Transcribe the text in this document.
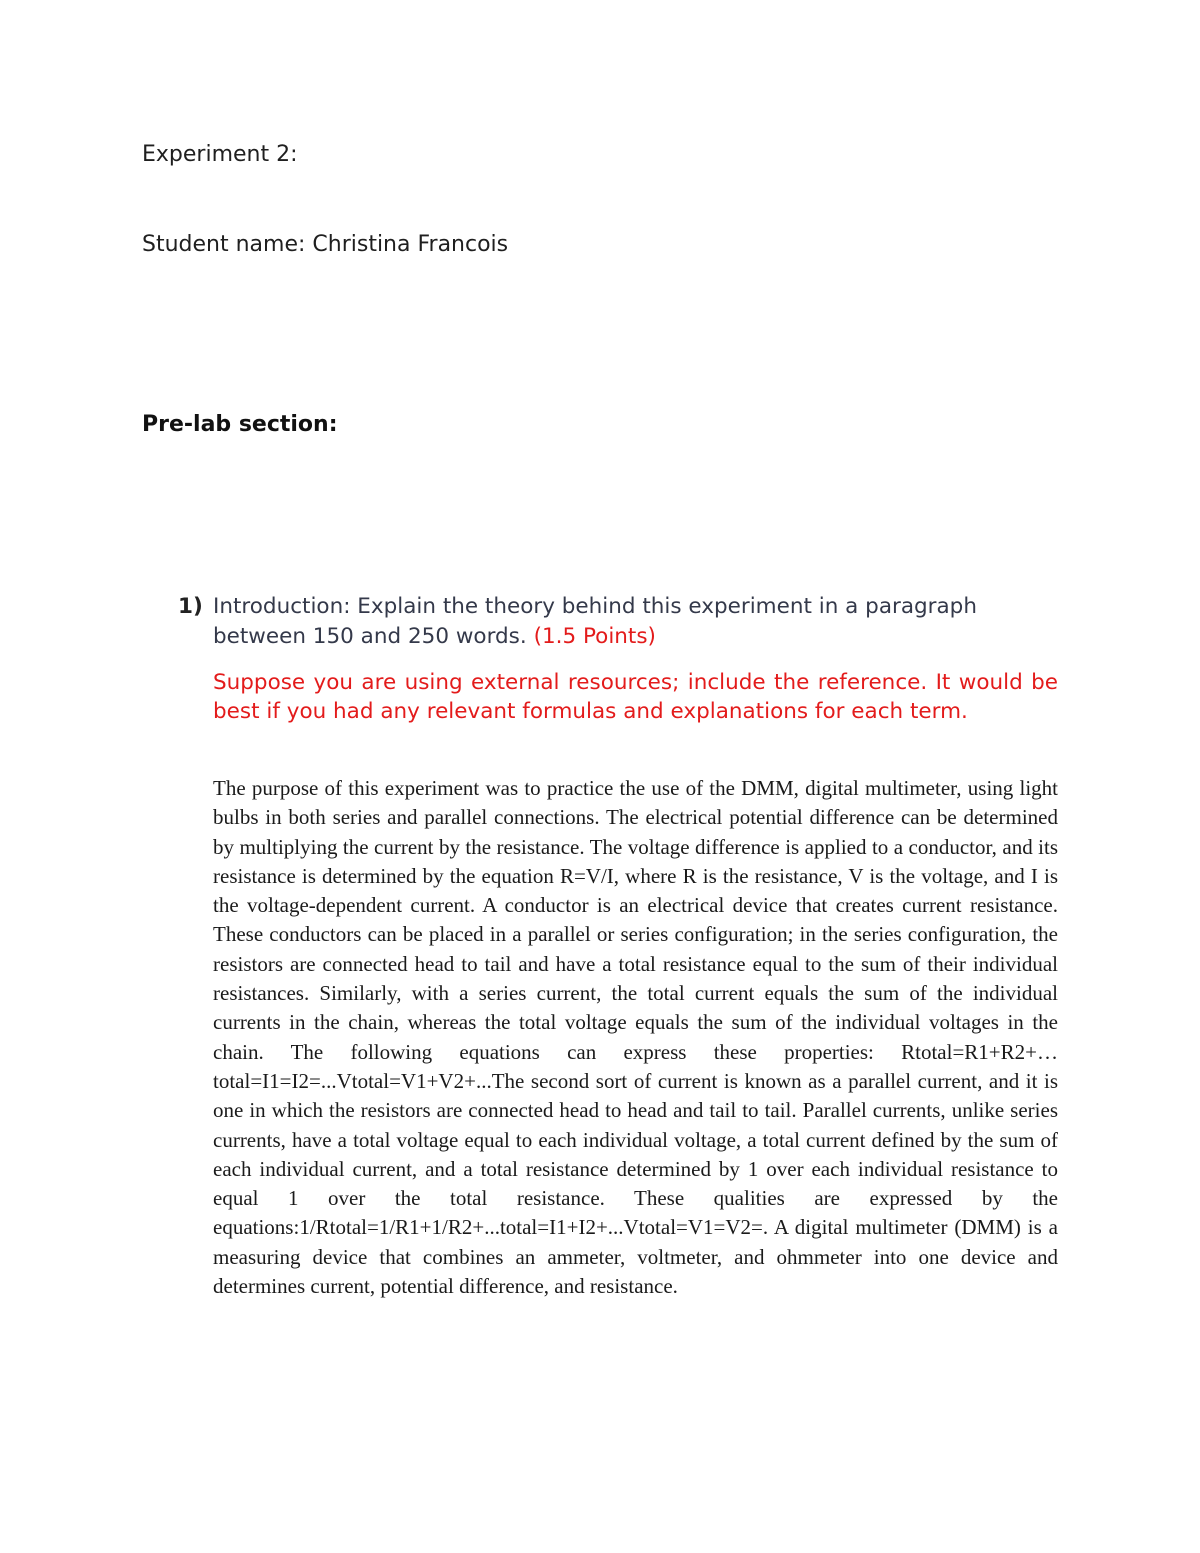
Experiment 2:
Student name: Christina Francois
Pre-lab section:
1) Introduction: Explain the theory behind this experiment in a paragraph between 150 and 250 words. (1.5 Points)
Suppose you are using external resources; include the reference. It would be best if you had any relevant formulas and explanations for each term.
The purpose of this experiment was to practice the use of the DMM, digital multimeter, using light bulbs in both series and parallel connections. The electrical potential difference can be determined by multiplying the current by the resistance. The voltage difference is applied to a conductor, and its resistance is determined by the equation R=V/I, where R is the resistance, V is the voltage, and I is the voltage-dependent current. A conductor is an electrical device that creates current resistance. These conductors can be placed in a parallel or series configuration; in the series configuration, the resistors are connected head to tail and have a total resistance equal to the sum of their individual resistances. Similarly, with a series current, the total current equals the sum of the individual currents in the chain, whereas the total voltage equals the sum of the individual voltages in the chain. The following equations can express these properties: Rtotal=R1+R2+… total=I1=I2=...Vtotal=V1+V2+...The second sort of current is known as a parallel current, and it is one in which the resistors are connected head to head and tail to tail. Parallel currents, unlike series currents, have a total voltage equal to each individual voltage, a total current defined by the sum of each individual current, and a total resistance determined by 1 over each individual resistance to equal 1 over the total resistance. These qualities are expressed by the equations:1/Rtotal=1/R1+1/R2+...total=I1+I2+...Vtotal=V1=V2=. A digital multimeter (DMM) is a measuring device that combines an ammeter, voltmeter, and ohmmeter into one device and determines current, potential difference, and resistance.
